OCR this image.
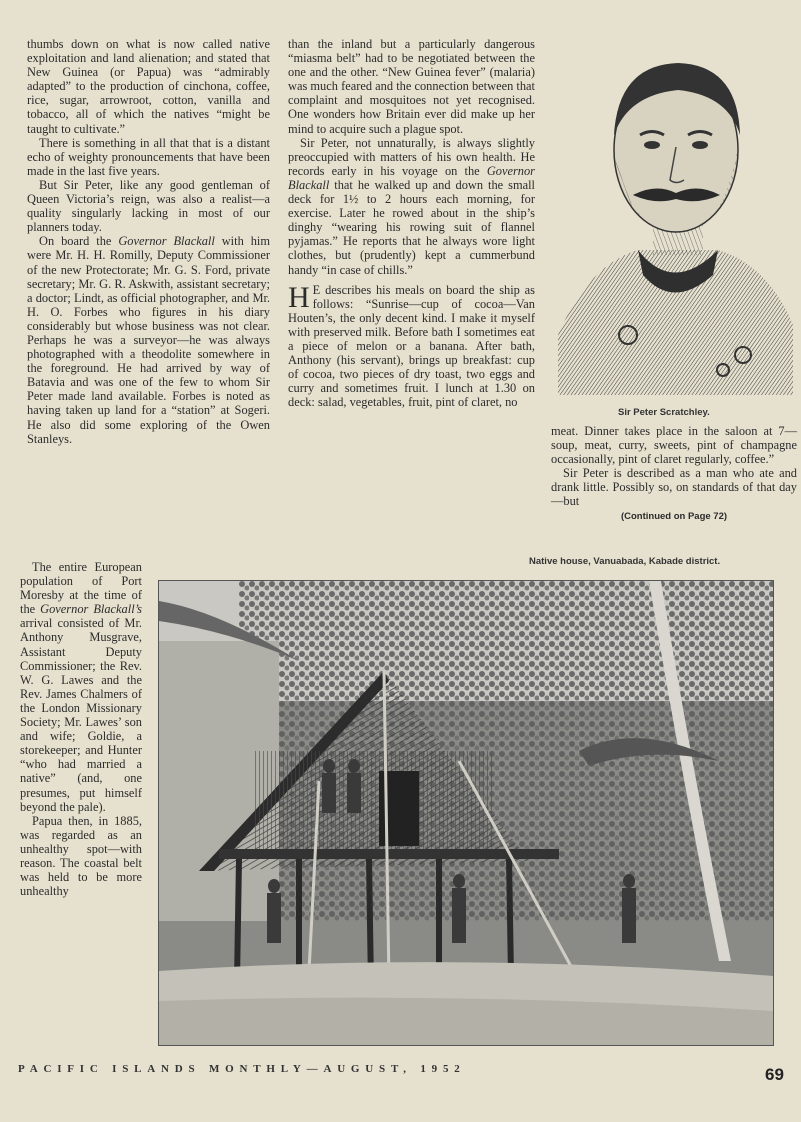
thumbs down on what is now called native exploitation and land alienation; and stated that New Guinea (or Papua) was “admirably adapted” to the production of cinchona, coffee, rice, sugar, arrowroot, cotton, vanilla and tobacco, all of which the natives “might be taught to cultivate.”

There is something in all that that is a distant echo of weighty pronouncements that have been made in the last five years.

But Sir Peter, like any good gentleman of Queen Victoria’s reign, was also a realist—a quality singularly lacking in most of our planners today.

On board the Governor Blackall with him were Mr. H. H. Romilly, Deputy Commissioner of the new Protectorate; Mr. G. S. Ford, private secretary; Mr. G. R. Askwith, assistant secretary; a doctor; Lindt, as official photographer, and Mr. H. O. Forbes who figures in his diary considerably but whose business was not clear. Perhaps he was a surveyor—he was always photographed with a theodolite somewhere in the foreground. He had arrived by way of Batavia and was one of the few to whom Sir Peter made land available. Forbes is noted as having taken up land for a “station” at Sogeri. He also did some exploring of the Owen Stanleys.

The entire European population of Port Moresby at the time of the Governor Blackall’s arrival consisted of Mr. Anthony Musgrave, Assistant Deputy Commissioner; the Rev. W. G. Lawes and the Rev. James Chalmers of the London Missionary Society; Mr. Lawes’ son and wife; Goldie, a storekeeper; and Hunter “who had married a native” (and, one presumes, put himself beyond the pale).

Papua then, in 1885, was regarded as an unhealthy spot—with reason. The coastal belt was held to be more unhealthy

than the inland but a particularly dangerous “miasma belt” had to be negotiated between the one and the other. “New Guinea fever” (malaria) was much feared and the connection between that complaint and mosquitoes not yet recognised. One wonders how Britain ever did make up her mind to acquire such a plague spot.

Sir Peter, not unnaturally, is always slightly preoccupied with matters of his own health. He records early in his voyage on the Governor Blackall that he walked up and down the small deck for 1½ to 2 hours each morning, for exercise. Later he rowed about in the ship’s dinghy “wearing his rowing suit of flannel pyjamas.” He reports that he always wore light clothes, but (prudently) kept a cummerbund handy “in case of chills.”

H E describes his meals on board the ship as follows: “Sunrise—cup of cocoa—Van Houten’s, the only decent kind. I make it myself with preserved milk. Before bath I sometimes eat a piece of melon or a banana. After bath, Anthony (his servant), brings up breakfast: cup of cocoa, two pieces of dry toast, two eggs and curry and sometimes fruit. I lunch at 1.30 on deck: salad, vegetables, fruit, pint of claret, no

Sir Peter Scratchley.

meat. Dinner takes place in the saloon at 7—soup, meat, curry, sweets, pint of champagne occasionally, pint of claret regularly, coffee.”

Sir Peter is described as a man who ate and drank little. Possibly so, on standards of that day—but

(Continued on Page 72)
Native house, Vanuabada, Kabade district.
PACIFIC ISLANDS MONTHLY—AUGUST, 1952	69
